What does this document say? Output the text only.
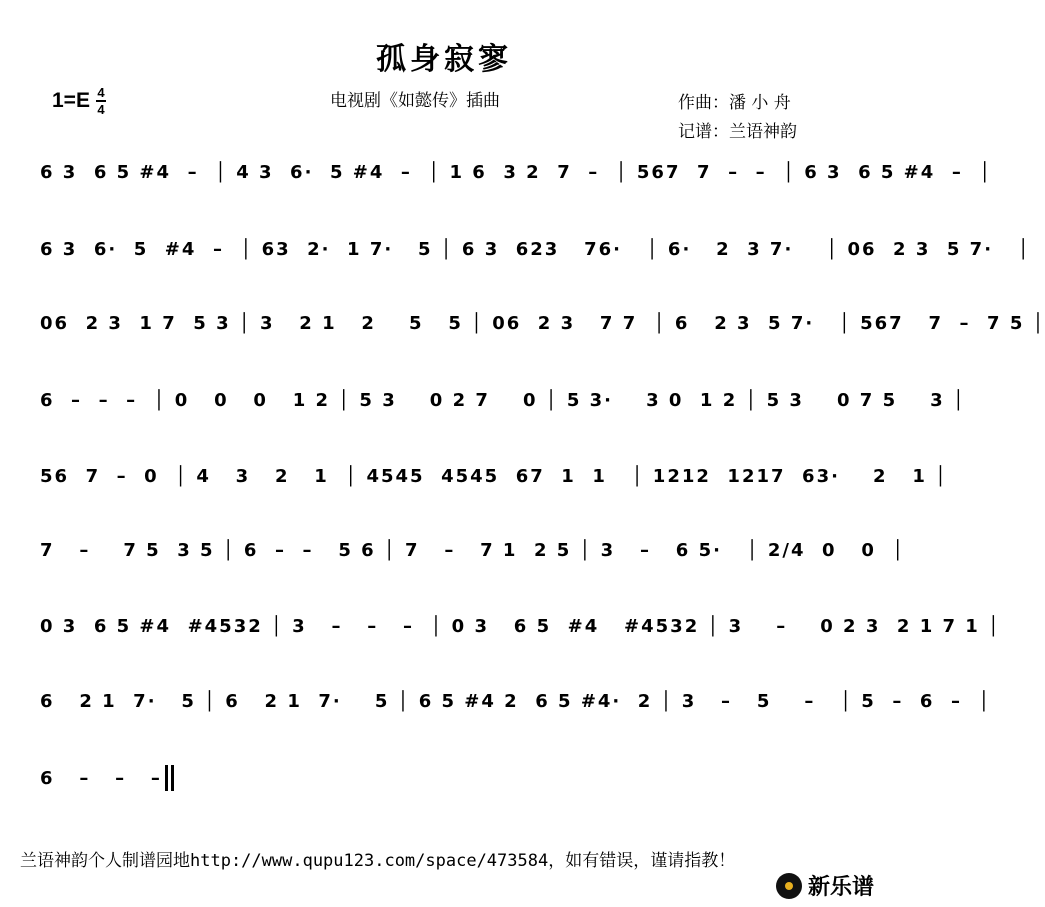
孤身寂寥
$1=E \frac{4}{4}$	电视剧《如懿传》插曲	作曲：潘 小 舟
记谱：兰语神韵
6 3  6 5 #4  –  │ 4 3  6·  5 #4  –  │ 1 6  3 2  7  –  │ 567  7  –  –  │ 6 3  6 5 #4  –  │
6 3  6·  5  #4  –  │ 63  2·  1 7·   5 │ 6 3  623   76·   │ 6·   2  3 7·    │ 06  2 3  5 7·   │
06  2 3  1 7  5 3 │ 3   2 1   2    5   5 │ 06  2 3   7 7  │ 6   2 3  5 7·   │ 567   7  –  7 5 │
6  –  –  –  │ 0   0   0   1 2 │ 5 3    0 2 7    0 │ 5 3·    3 0  1 2 │ 5 3    0 7 5    3 │
56  7  –  0  │ 4   3   2   1  │ 4545  4545  67  1  1   │ 1212  1217  63·    2   1 │
7   –    7 5  3 5 │ 6  –  –   5 6 │ 7   –   7 1  2 5 │ 3   –   6 5·   │ 2/4  0   0  │
0 3  6 5 #4  #4532 │ 3   –   –   –  │ 0 3   6 5  #4   #4532 │ 3    –    0 2 3  2 1 7 1 │
6   2 1  7·   5 │ 6   2 1  7·    5 │ 6 5 #4 2  6 5 #4·  2 │ 3   –   5    –   │ 5  –  6  –  │
6   –   –   –
兰语神韵个人制谱园地http://www.qupu123.com/space/473584，如有错误，谨请指教！
新乐谱
